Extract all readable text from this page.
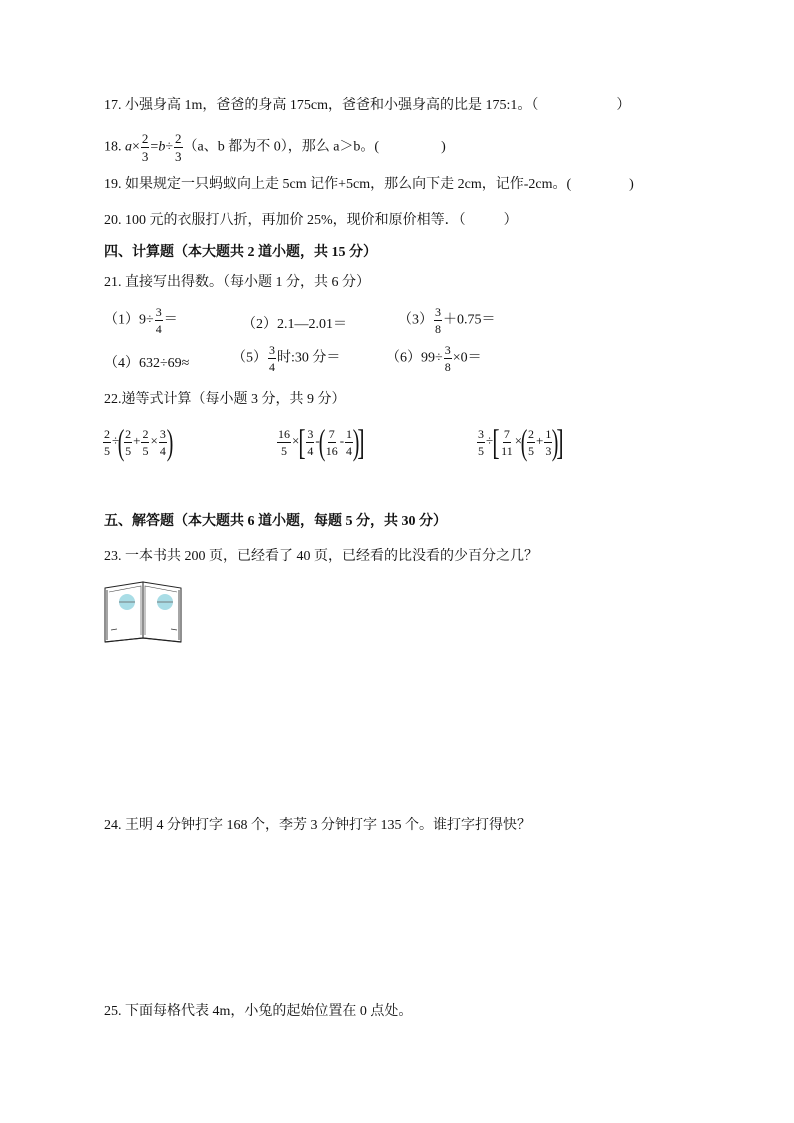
17. 小强身高 1m，爸爸的身高 175cm，爸爸和小强身高的比是 175:1。（	）
18. $a\times \frac{2}{3} =b\div \frac{2}{3} (a$、b 都为不 0），那么 a＞b。(	)
19. 如果规定一只蚂蚁向上走 5cm 记作+5cm，那么向下走 2cm，记作-2cm。(	)
20. 100 元的衣服打八折，再加价 25%，现价和原价相等．（	）
四、计算题（本大题共 2 道小题，共 15 分）
21. 直接写出得数。（每小题 1 分，共 6 分）
$(1)9\div \frac{3}{4}$ ＝	（2）2.1—2.01＝	$(3) \frac{3}{8} +0.75=$
（4）632÷69≈	$(5) \frac{3}{4}$ 时:30 分＝	$(6)99\div \frac{3}{8} \times 0=$
22.递等式计算（每小题 3 分，共 9 分）
$\frac{2}{5}$ ÷( $\frac{2}{5} + \frac{2}{5} \times \frac{3}{4}$ )	$\frac{16}{5}$ ×[ $\frac{3}{4}$ -( $\frac{7}{16} - \frac{1}{4}$ )]	$\frac{3}{5}$ ÷[ $\frac{7}{11}$ ×( $\frac{2}{5} + \frac{1}{3}$ )]
五、解答题（本大题共 6 道小题，每题 5 分，共 30 分）
23. 一本书共 200 页，已经看了 40 页，已经看的比没看的少百分之几？
24. 王明 4 分钟打字 168 个，李芳 3 分钟打字 135 个。谁打字打得快？
25. 下面每格代表 4m，小兔的起始位置在 0 点处。
